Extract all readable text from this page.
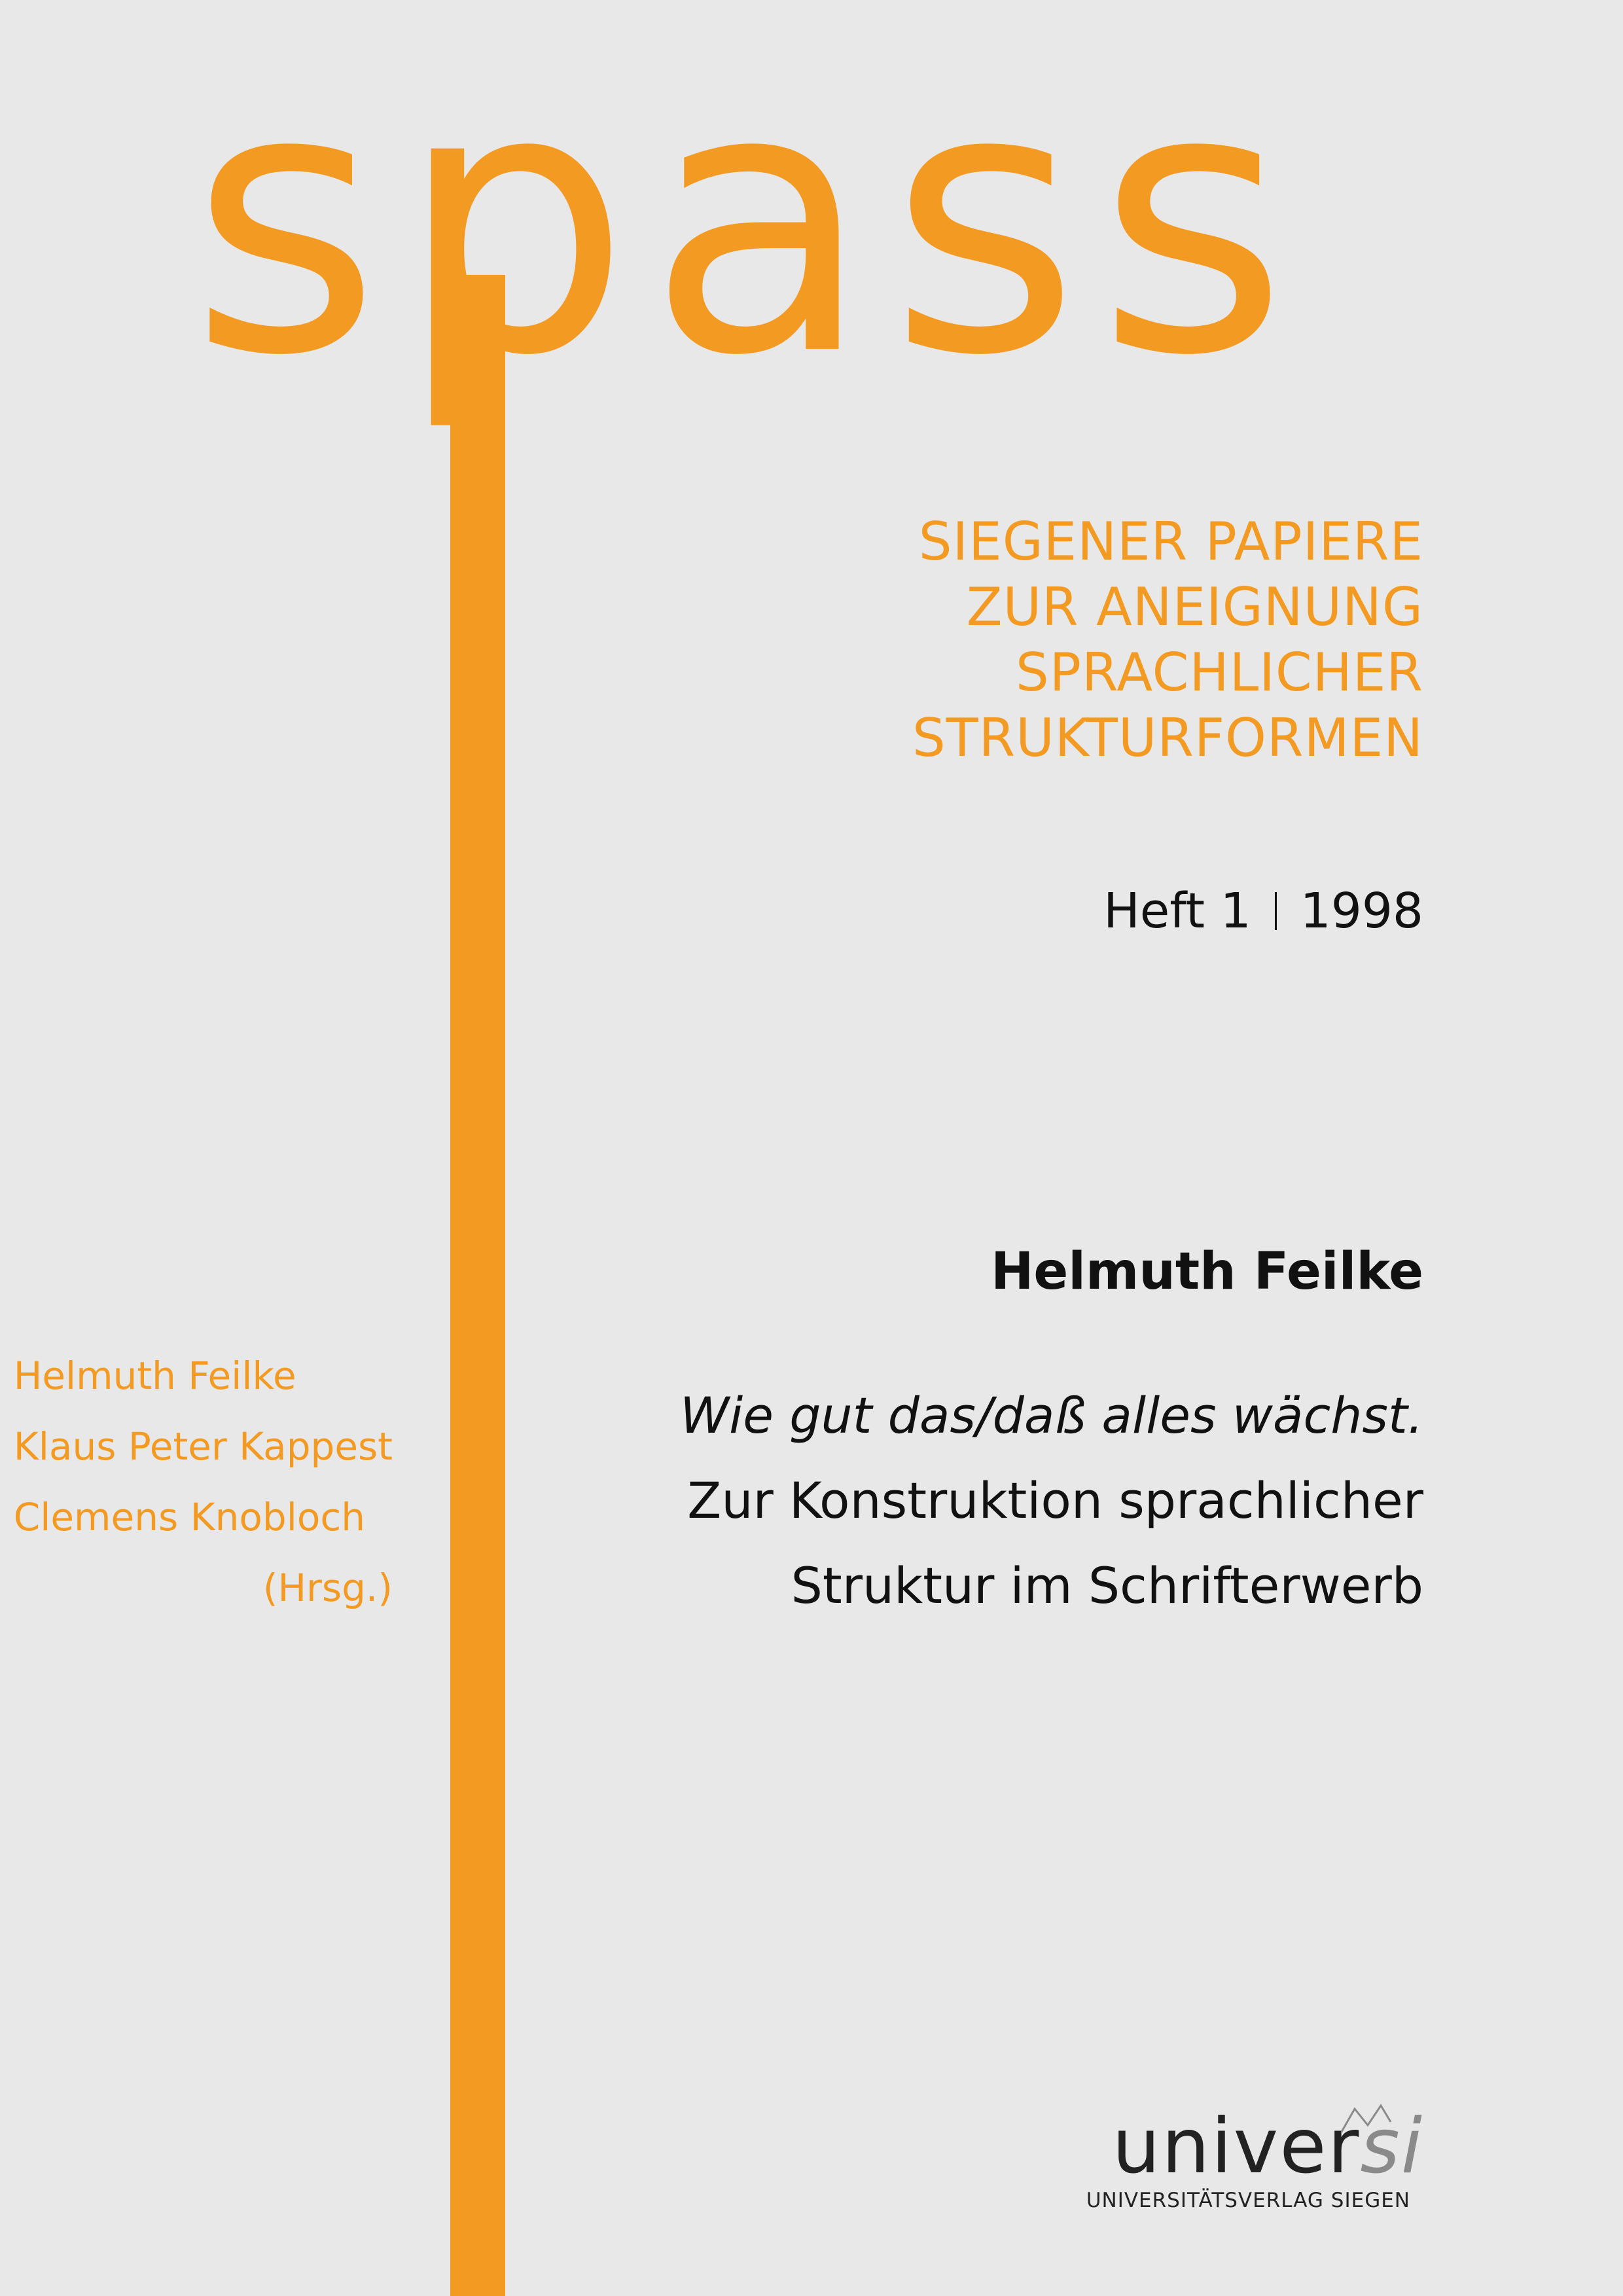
spass
SIEGENER PAPIERE
ZUR ANEIGNUNG
SPRACHLICHER
STRUKTURFORMEN
Heft 1 1998
Helmuth Feilke
Wie gut das/daß alles wächst.
Zur Konstruktion sprachlicher
Struktur im Schrifterwerb
Helmuth Feilke
Klaus Peter Kappest
Clemens Knobloch
(Hrsg.)
universi
UNIVERSITÄTSVERLAG SIEGEN
